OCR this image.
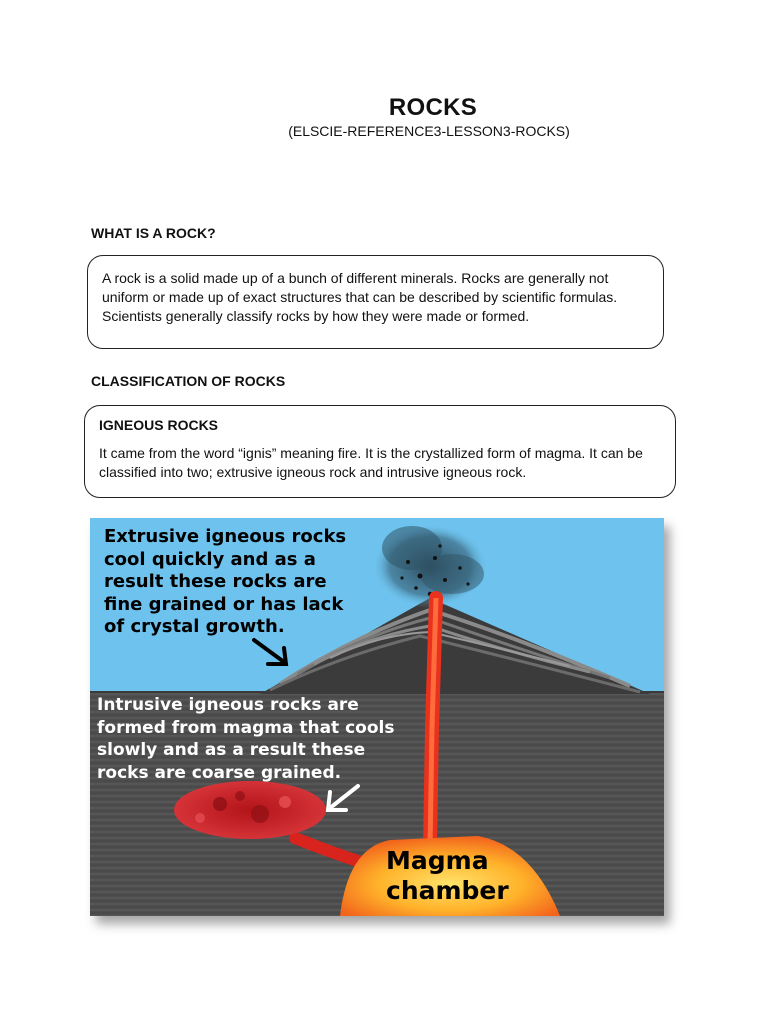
ROCKS
(ELSCIE-REFERENCE3-LESSON3-ROCKS)
WHAT IS A ROCK?

A rock is a solid made up of a bunch of different minerals. Rocks are generally not uniform or made up of exact structures that can be described by scientific formulas. Scientists generally classify rocks by how they were made or formed.

CLASSIFICATION OF ROCKS

IGNEOUS ROCKS

It came from the word “ignis” meaning fire. It is the crystallized form of magma. It can be classified into two; extrusive igneous rock and intrusive igneous rock.

Extrusive igneous rocks
cool quickly and as a
result these rocks are
fine grained or has lack
of crystal growth.
Intrusive igneous rocks are
formed from magma that cools
slowly and as a result these
rocks are coarse grained.
Magma
chamber
